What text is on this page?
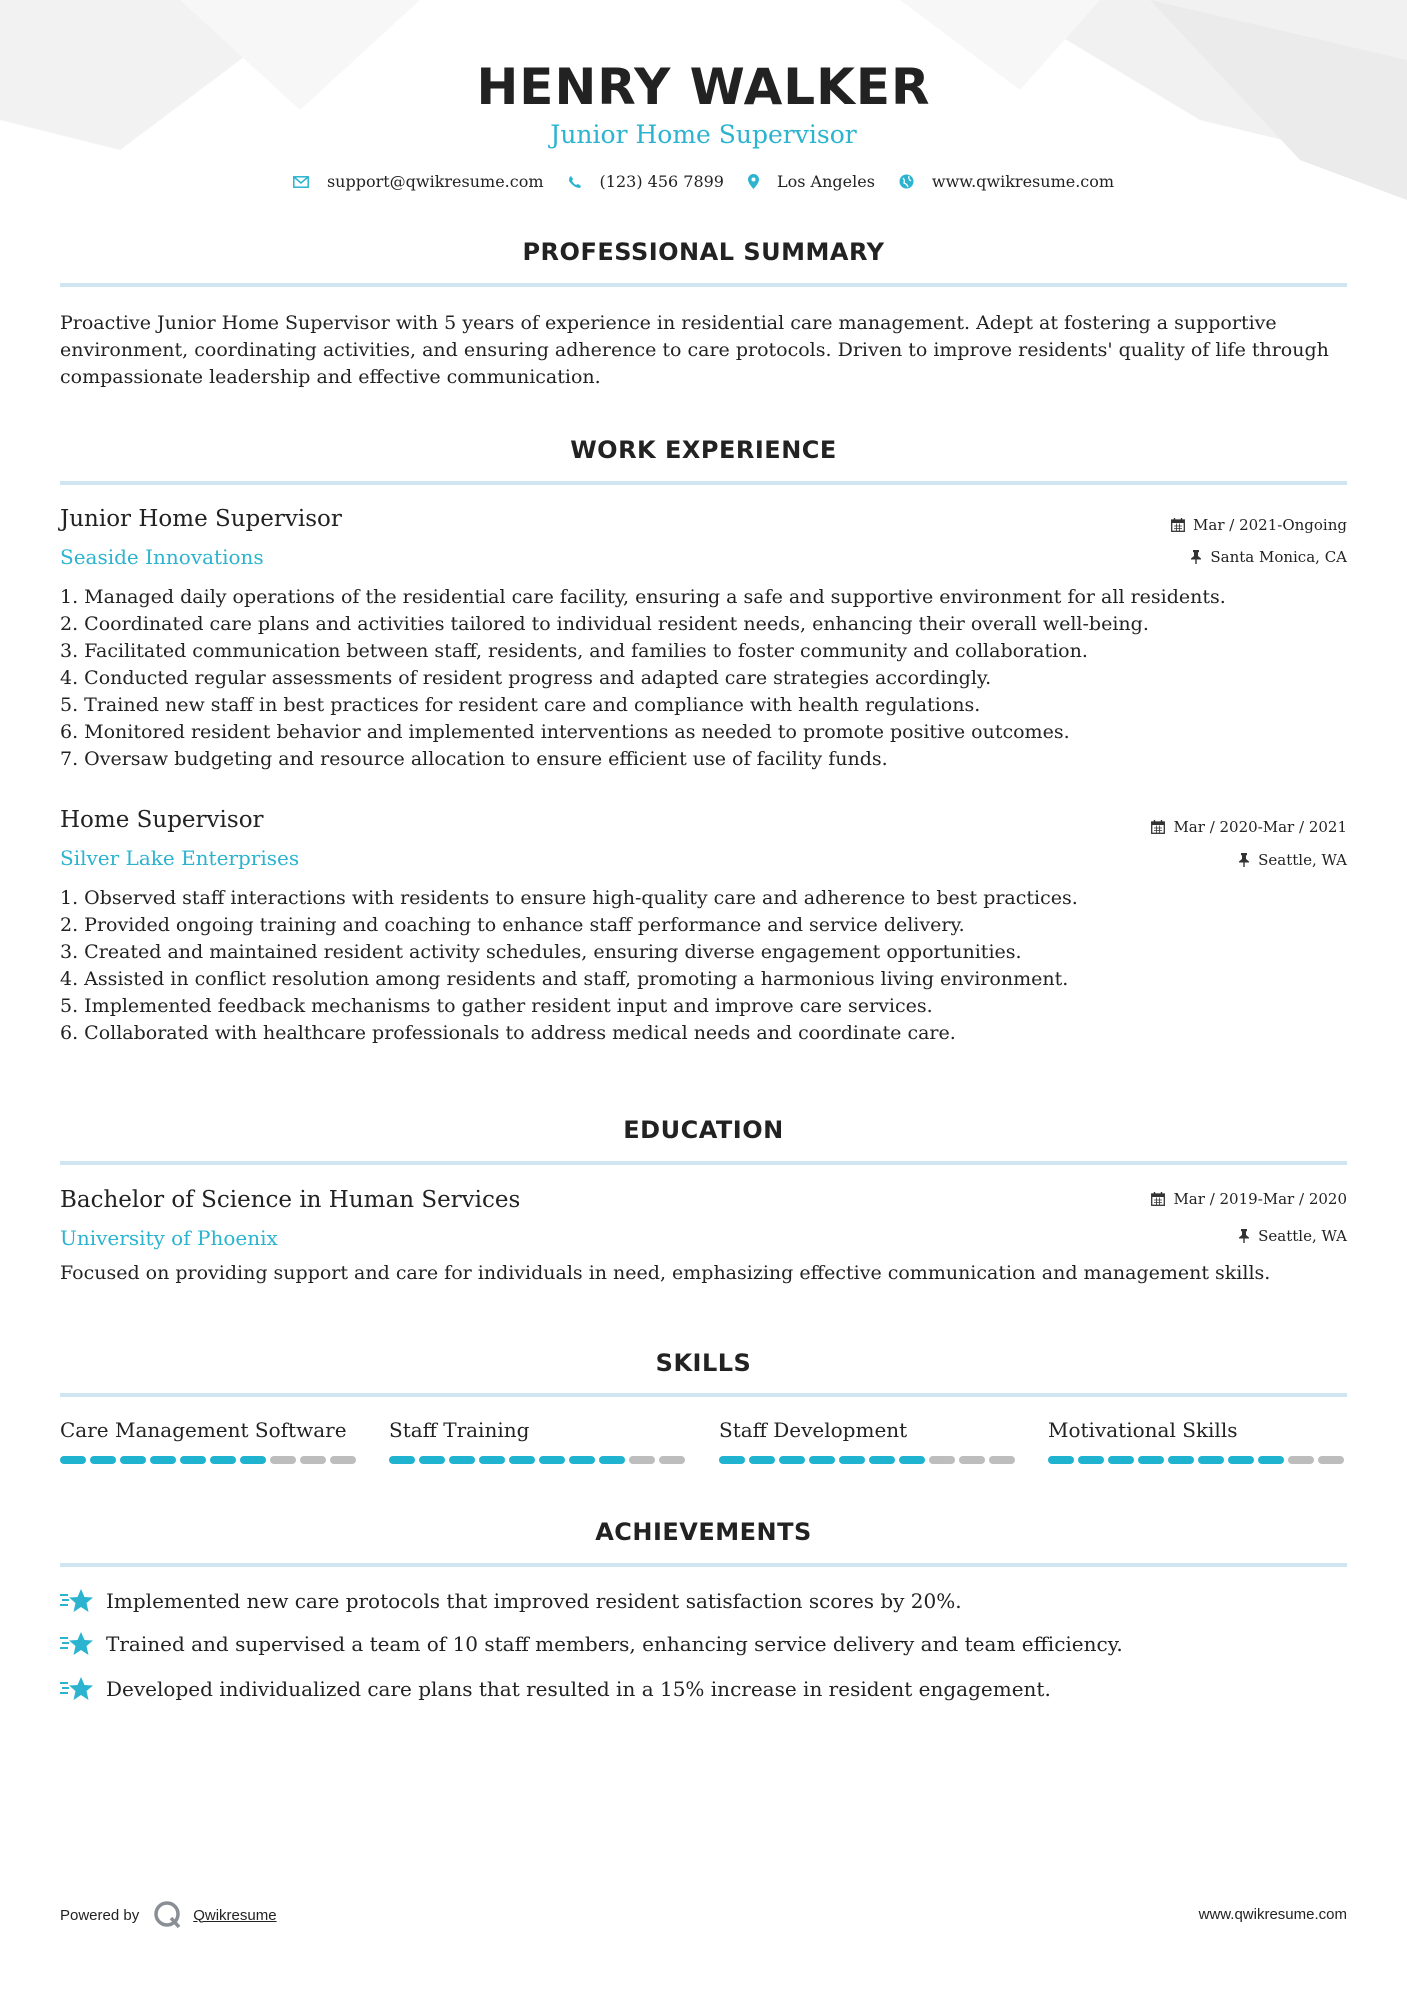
HENRY WALKER
Junior Home Supervisor
support@qwikresume.com	(123) 456 7899	Los Angeles	www.qwikresume.com
PROFESSIONAL SUMMARY
Proactive Junior Home Supervisor with 5 years of experience in residential care management. Adept at fostering a supportive environment, coordinating activities, and ensuring adherence to care protocols. Driven to improve residents' quality of life through compassionate leadership and effective communication.
WORK EXPERIENCE
Junior Home Supervisor
Seaside Innovations
Mar / 2021-Ongoing
Santa Monica, CA
1. Managed daily operations of the residential care facility, ensuring a safe and supportive environment for all residents.
2. Coordinated care plans and activities tailored to individual resident needs, enhancing their overall well-being.
3. Facilitated communication between staff, residents, and families to foster community and collaboration.
4. Conducted regular assessments of resident progress and adapted care strategies accordingly.
5. Trained new staff in best practices for resident care and compliance with health regulations.
6. Monitored resident behavior and implemented interventions as needed to promote positive outcomes.
7. Oversaw budgeting and resource allocation to ensure efficient use of facility funds.
Home Supervisor
Silver Lake Enterprises
Mar / 2020-Mar / 2021
Seattle, WA
1. Observed staff interactions with residents to ensure high-quality care and adherence to best practices.
2. Provided ongoing training and coaching to enhance staff performance and service delivery.
3. Created and maintained resident activity schedules, ensuring diverse engagement opportunities.
4. Assisted in conflict resolution among residents and staff, promoting a harmonious living environment.
5. Implemented feedback mechanisms to gather resident input and improve care services.
6. Collaborated with healthcare professionals to address medical needs and coordinate care.
EDUCATION
Bachelor of Science in Human Services
University of Phoenix
Mar / 2019-Mar / 2020
Seattle, WA
Focused on providing support and care for individuals in need, emphasizing effective communication and management skills.
SKILLS
Care Management Software	Staff Training	Staff Development	Motivational Skills
ACHIEVEMENTS
Implemented new care protocols that improved resident satisfaction scores by 20%.
Trained and supervised a team of 10 staff members, enhancing service delivery and team efficiency.
Developed individualized care plans that resulted in a 15% increase in resident engagement.
Powered by	Qwikresume	www.qwikresume.com
